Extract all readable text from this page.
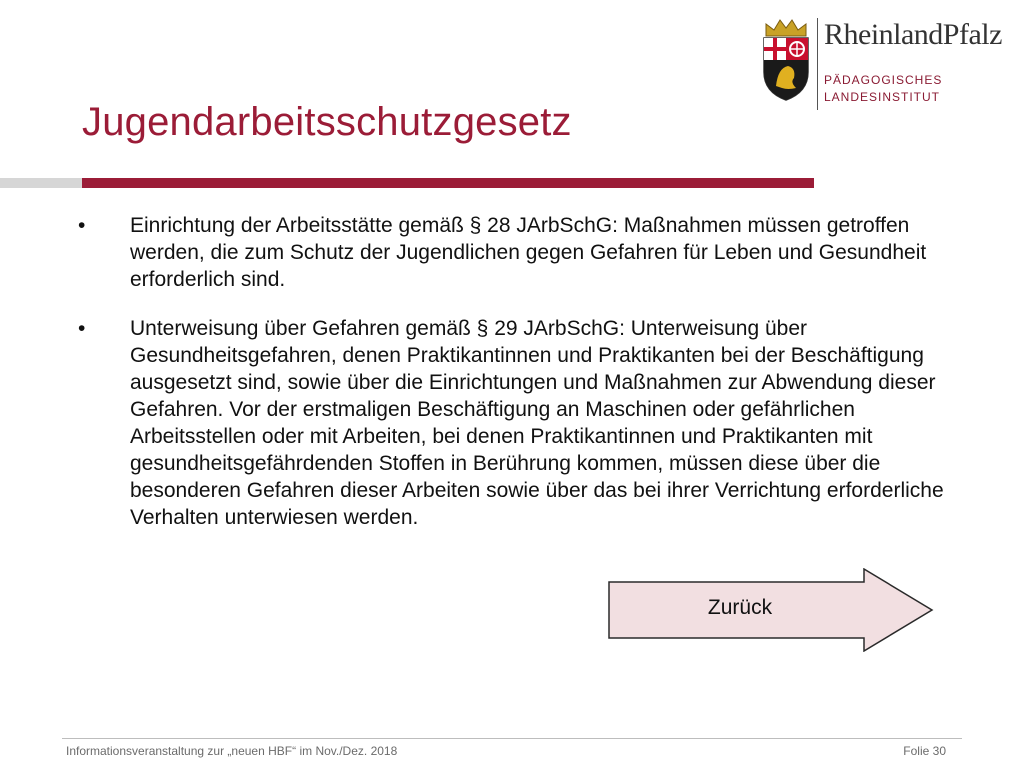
RheinlandPfalz
PÄDAGOGISCHES
LANDESINSTITUT
Jugendarbeitsschutzgesetz
•	Einrichtung der Arbeitsstätte gemäß § 28 JArbSchG: Maßnahmen müssen getroffen werden, die zum Schutz der Jugendlichen gegen Gefahren für Leben und Gesundheit erforderlich sind.
•	Unterweisung über Gefahren gemäß § 29 JArbSchG: Unterweisung über Gesundheitsgefahren, denen Praktikantinnen und Praktikanten bei der Beschäftigung ausgesetzt sind, sowie über die Einrichtungen und Maßnahmen zur Abwendung dieser Gefahren. Vor der erstmaligen Beschäftigung an Maschinen oder gefährlichen Arbeitsstellen oder mit Arbeiten, bei denen Praktikantinnen und Praktikanten mit gesundheitsgefährdenden Stoffen in Berührung kommen, müssen diese über die besonderen Gefahren dieser Arbeiten sowie über das bei ihrer Verrichtung erforderliche Verhalten unterwiesen werden.
Zurück
Informationsveranstaltung zur „neuen HBF“ im Nov./Dez. 2018	Folie 30
